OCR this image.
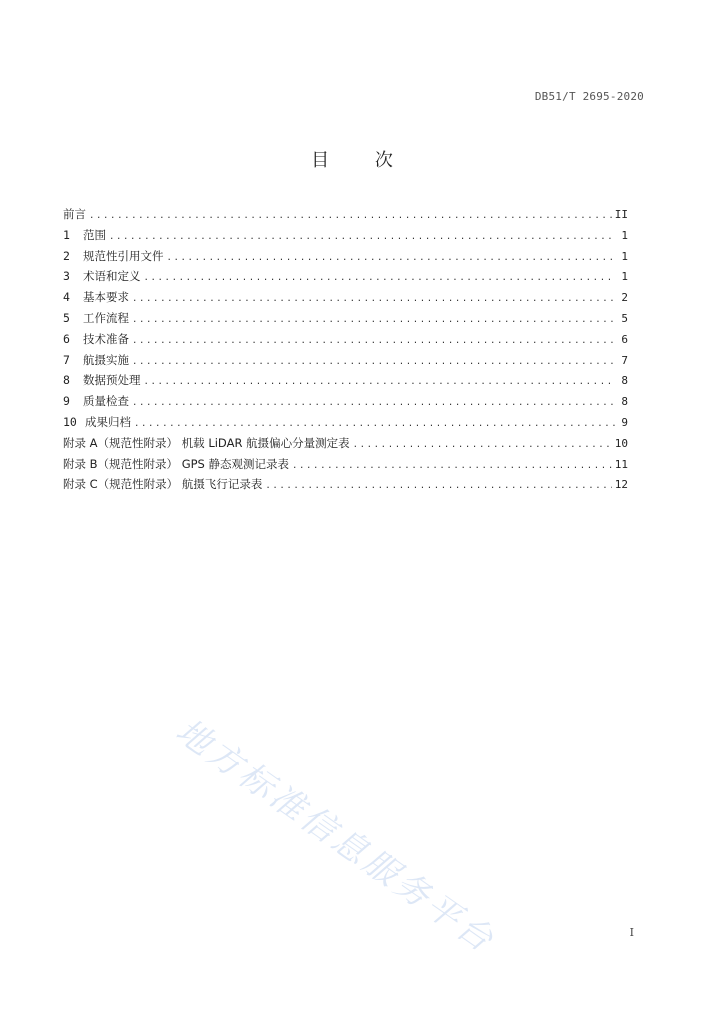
DB51/T 2695-2020
目 次
前言 .....	II
1	范围 .....	1
2	规范性引用文件 .....	1
3	术语和定义 .....	1
4	基本要求 .....	2
5	工作流程 .....	5
6	技术准备 .....	6
7	航摄实施 .....	7
8	数据预处理 .....	8
9	质量检查 .....	8
10 成果归档 .....	9
附录 A（规范性附录） 机载 LiDAR 航摄偏心分量测定表 .....	10
附录 B（规范性附录） GPS 静态观测记录表 .....	11
附录 C（规范性附录） 航摄飞行记录表 .....	12
地方标准信息服务平台	I
